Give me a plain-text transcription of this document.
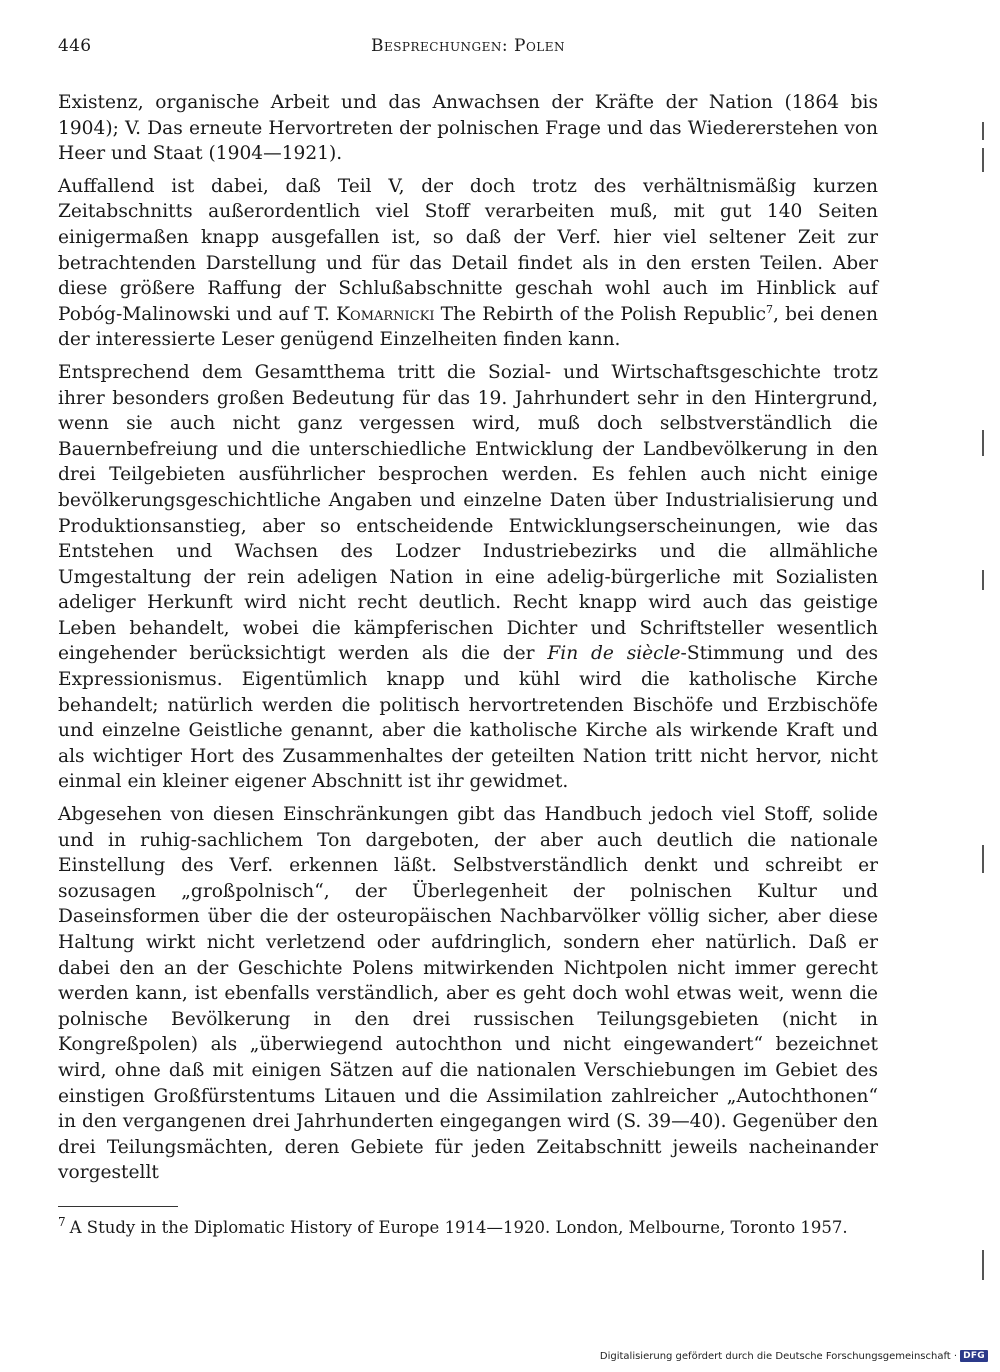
446	Besprechungen: Polen

Existenz, organische Arbeit und das Anwachsen der Kräfte der Nation (1864 bis 1904); V. Das erneute Hervortreten der polnischen Frage und das Wiedererstehen von Heer und Staat (1904—1921).

Auffallend ist dabei, daß Teil V, der doch trotz des verhältnismäßig kurzen Zeitabschnitts außerordentlich viel Stoff verarbeiten muß, mit gut 140 Seiten einigermaßen knapp ausgefallen ist, so daß der Verf. hier viel seltener Zeit zur betrachtenden Darstellung und für das Detail findet als in den ersten Teilen. Aber diese größere Raffung der Schlußabschnitte geschah wohl auch im Hinblick auf Pobóg-Malinowski und auf T. Komarnicki The Rebirth of the Polish Republic$^7$, bei denen der interessierte Leser genügend Einzelheiten finden kann.

Entsprechend dem Gesamtthema tritt die Sozial- und Wirtschaftsgeschichte trotz ihrer besonders großen Bedeutung für das 19. Jahrhundert sehr in den Hintergrund, wenn sie auch nicht ganz vergessen wird, muß doch selbstverständlich die Bauernbefreiung und die unterschiedliche Entwicklung der Landbevölkerung in den drei Teilgebieten ausführlicher besprochen werden. Es fehlen auch nicht einige bevölkerungsgeschichtliche Angaben und einzelne Daten über Industrialisierung und Produktionsanstieg, aber so entscheidende Entwicklungserscheinungen, wie das Entstehen und Wachsen des Lodzer Industriebezirks und die allmähliche Umgestaltung der rein adeligen Nation in eine adelig-bürgerliche mit Sozialisten adeliger Herkunft wird nicht recht deutlich. Recht knapp wird auch das geistige Leben behandelt, wobei die kämpferischen Dichter und Schriftsteller wesentlich eingehender berücksichtigt werden als die der Fin de siècle-Stimmung und des Expressionismus. Eigentümlich knapp und kühl wird die katholische Kirche behandelt; natürlich werden die politisch hervortretenden Bischöfe und Erzbischöfe und einzelne Geistliche genannt, aber die katholische Kirche als wirkende Kraft und als wichtiger Hort des Zusammenhaltes der geteilten Nation tritt nicht hervor, nicht einmal ein kleiner eigener Abschnitt ist ihr gewidmet.

Abgesehen von diesen Einschränkungen gibt das Handbuch jedoch viel Stoff, solide und in ruhig-sachlichem Ton dargeboten, der aber auch deutlich die nationale Einstellung des Verf. erkennen läßt. Selbstverständlich denkt und schreibt er sozusagen „großpolnisch“, der Überlegenheit der polnischen Kultur und Daseinsformen über die der osteuropäischen Nachbarvölker völlig sicher, aber diese Haltung wirkt nicht verletzend oder aufdringlich, sondern eher natürlich. Daß er dabei den an der Geschichte Polens mitwirkenden Nichtpolen nicht immer gerecht werden kann, ist ebenfalls verständlich, aber es geht doch wohl etwas weit, wenn die polnische Bevölkerung in den drei russischen Teilungsgebieten (nicht in Kongreßpolen) als „überwiegend autochthon und nicht eingewandert“ bezeichnet wird, ohne daß mit einigen Sätzen auf die nationalen Verschiebungen im Gebiet des einstigen Großfürstentums Litauen und die Assimilation zahlreicher „Autochthonen“ in den vergangenen drei Jahrhunderten eingegangen wird (S. 39—40). Gegenüber den drei Teilungsmächten, deren Gebiete für jeden Zeitabschnitt jeweils nacheinander vorgestellt

$^7$ A Study in the Diplomatic History of Europe 1914—1920. London, Melbourne, Toronto 1957.
Digitalisierung gefördert durch die Deutsche Forschungsgemeinschaft · DFG
